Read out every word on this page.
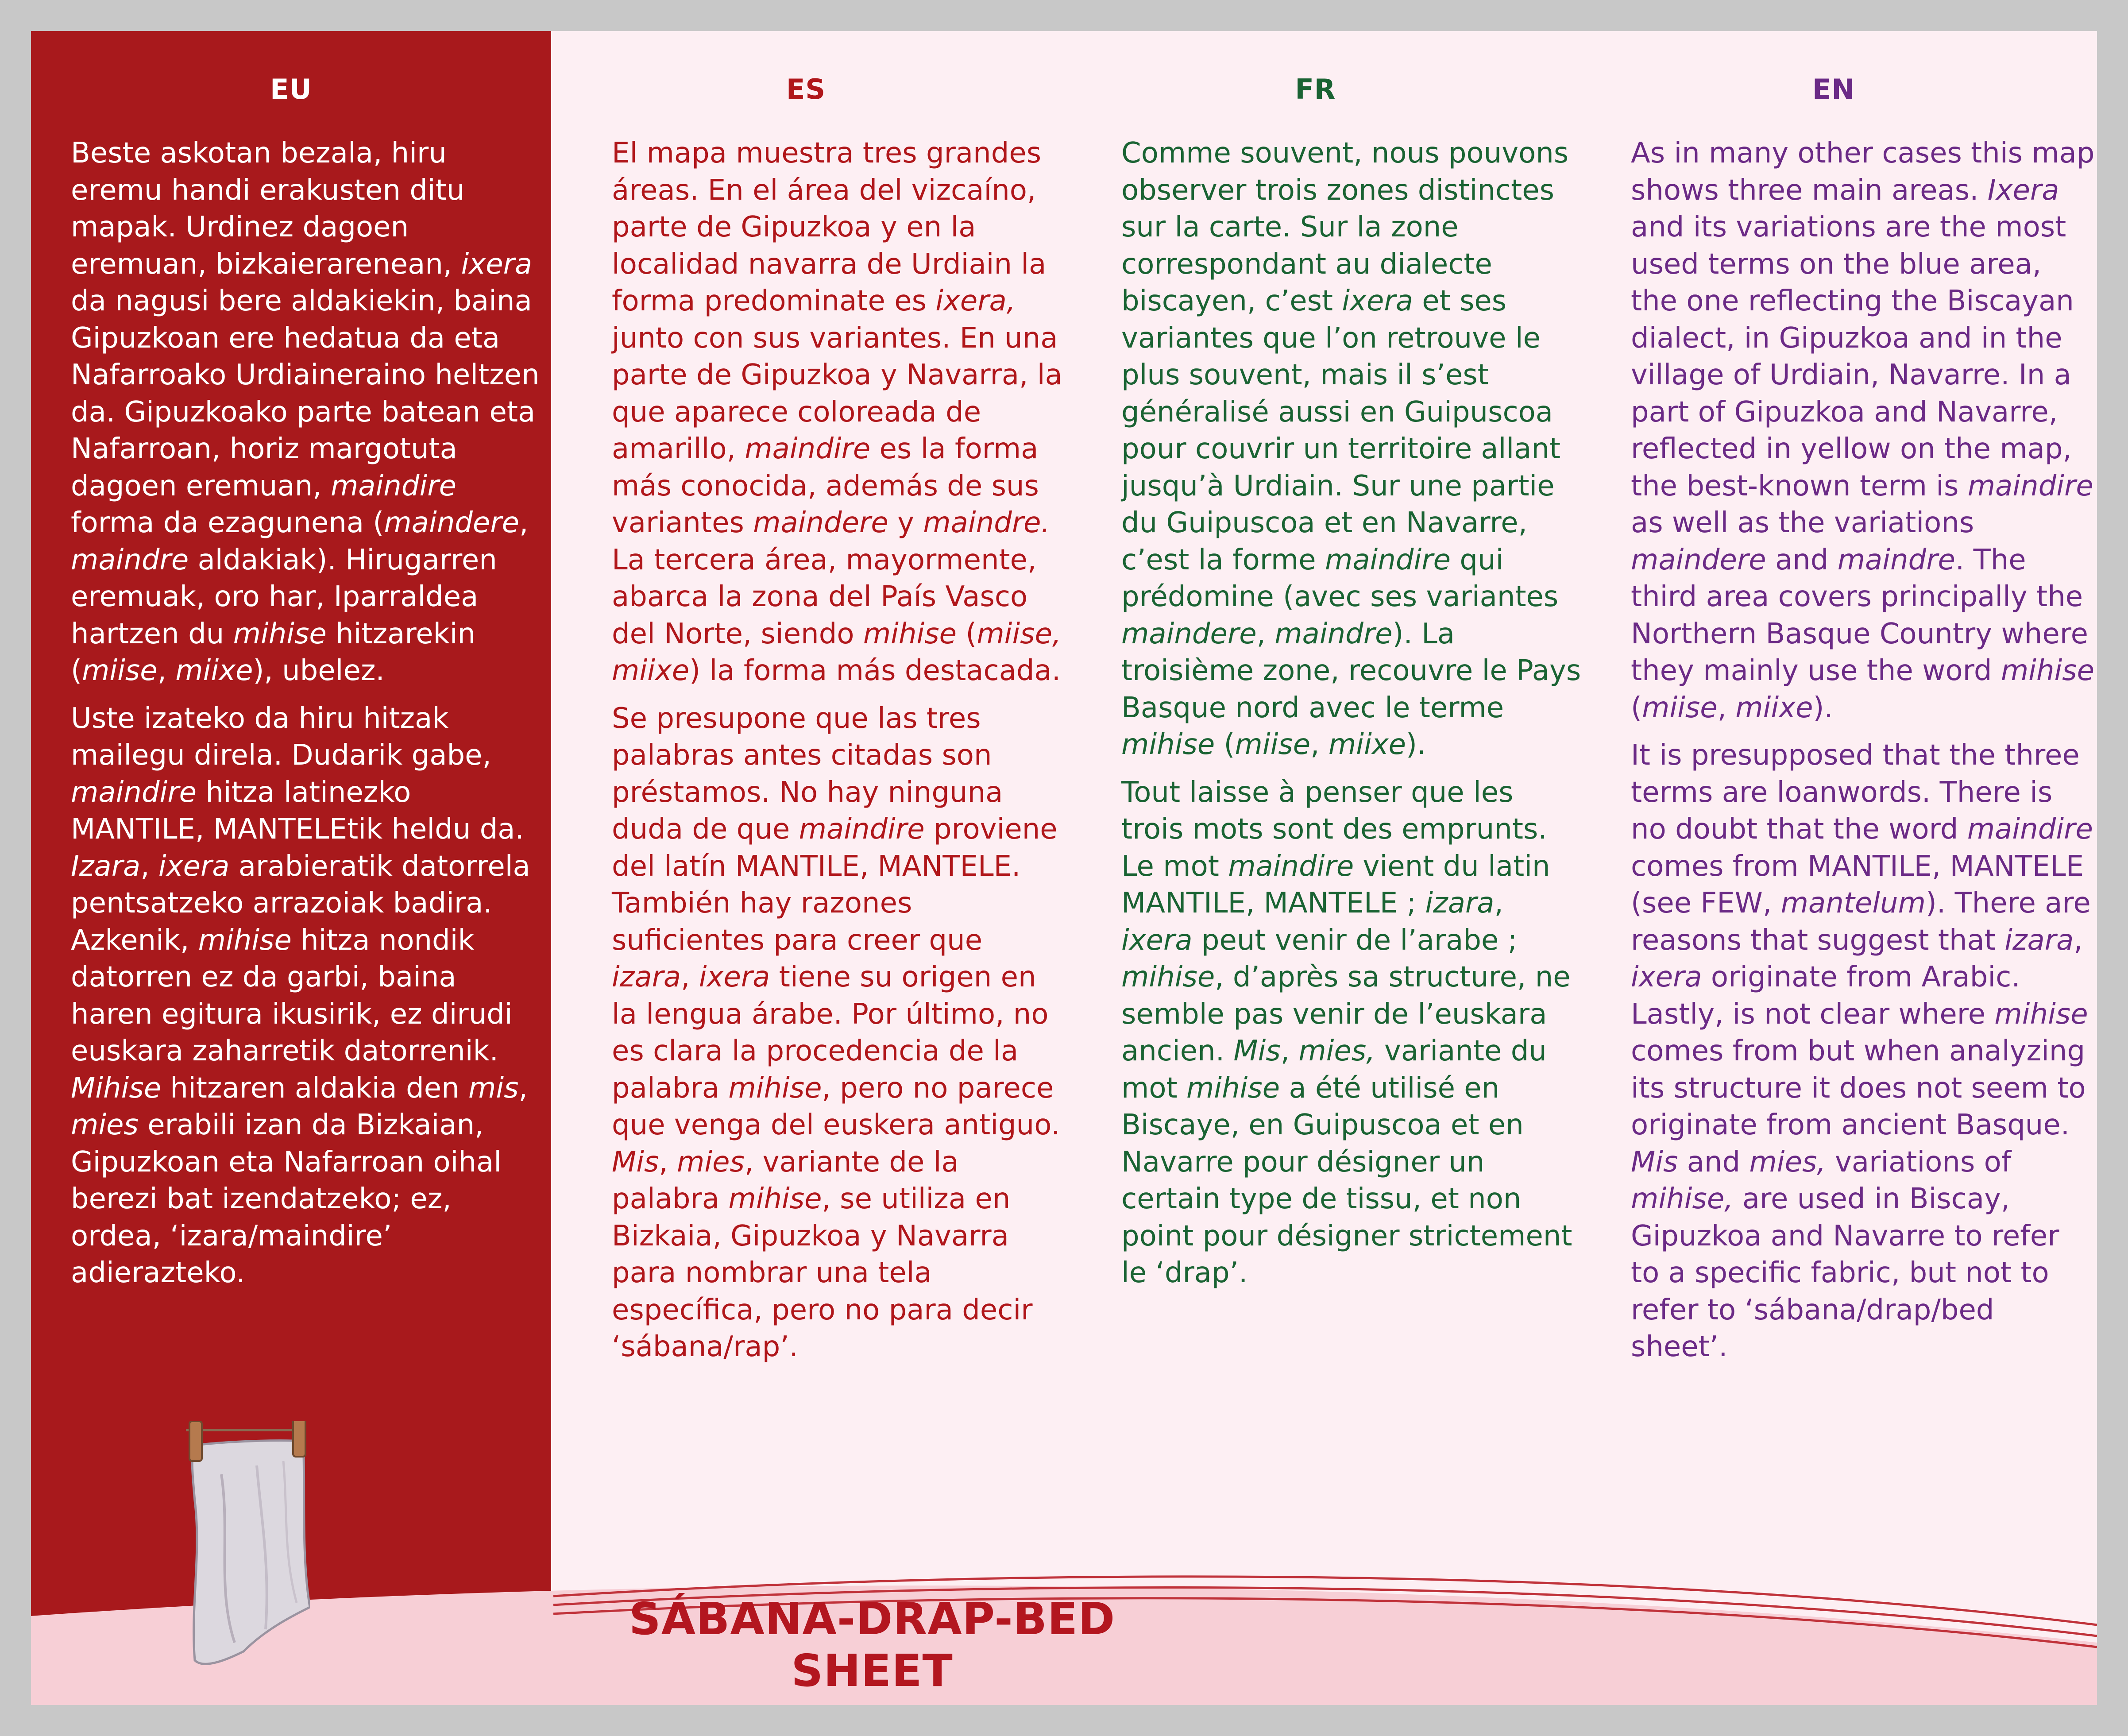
EU

Beste askotan bezala, hiru eremu handi erakusten ditu mapak. Urdinez dagoen eremuan, bizkaierarenean, ixera da nagusi bere aldakiekin, baina Gipuzkoan ere hedatua da eta Nafarroako Urdiaineraino heltzen da. Gipuzkoako parte batean eta Nafarroan, horiz margotuta dagoen eremuan, maindire forma da ezagunena (maindere, maindre aldakiak). Hirugarren eremuak, oro har, Iparraldea hartzen du mihise hitzarekin (miise, miixe), ubelez.

Uste izateko da hiru hitzak mailegu direla. Dudarik gabe, maindire hitza latinezko MANTILE, MANTELEtik heldu da. Izara, ixera arabieratik datorrela pentsatzeko arrazoiak badira. Azkenik, mihise hitza nondik datorren ez da garbi, baina haren egitura ikusirik, ez dirudi euskara zaharretik datorrenik. Mihise hitzaren aldakia den mis, mies erabili izan da Bizkaian, Gipuzkoan eta Nafarroan oihal berezi bat izendatzeko; ez, ordea, ‘izara/maindire’ adierazteko.

ES

El mapa muestra tres grandes áreas. En el área del vizcaíno, parte de Gipuzkoa y en la localidad navarra de Urdiain la forma predominate es ixera, junto con sus variantes. En una parte de Gipuzkoa y Navarra, la que aparece coloreada de amarillo, maindire es la forma más conocida, además de sus variantes maindere y maindre. La tercera área, mayormente, abarca la zona del País Vasco del Norte, siendo mihise (miise, miixe) la forma más destacada.

Se presupone que las tres palabras antes citadas son préstamos. No hay ninguna duda de que maindire proviene del latín MANTILE, MANTELE. También hay razones suficientes para creer que izara, ixera tiene su origen en la lengua árabe. Por último, no es clara la procedencia de la palabra mihise, pero no parece que venga del euskera antiguo. Mis, mies, variante de la palabra mihise, se utiliza en Bizkaia, Gipuzkoa y Navarra para nombrar una tela específica, pero no para decir ‘sábana/rap’.

FR

Comme souvent, nous pouvons observer trois zones distinctes sur la carte. Sur la zone correspondant au dialecte biscayen, c’est ixera et ses variantes que l’on retrouve le plus souvent, mais il s’est généralisé aussi en Guipuscoa pour couvrir un territoire allant jusqu’à Urdiain. Sur une partie du Guipuscoa et en Navarre, c’est la forme maindire qui prédomine (avec ses variantes maindere, maindre). La troisième zone, recouvre le Pays Basque nord avec le terme mihise (miise, miixe).

Tout laisse à penser que les trois mots sont des emprunts. Le mot maindire vient du latin MANTILE, MANTELE ; izara, ixera peut venir de l’arabe ; mihise, d’après sa structure, ne semble pas venir de l’euskara ancien. Mis, mies, variante du mot mihise a été utilisé en Biscaye, en Guipuscoa et en Navarre pour désigner un certain type de tissu, et non point pour désigner strictement le ‘drap’.

EN

As in many other cases this map shows three main areas. Ixera and its variations are the most used terms on the blue area, the one reflecting the Biscayan dialect, in Gipuzkoa and in the village of Urdiain, Navarre. In a part of Gipuzkoa and Navarre, reflected in yellow on the map, the best-known term is maindire as well as the variations maindere and maindre. The third area covers principally the Northern Basque Country where they mainly use the word mihise (miise, miixe).

It is presupposed that the three terms are loanwords. There is no doubt that the word maindire comes from MANTILE, MANTELE (see FEW, mantelum). There are reasons that suggest that izara, ixera originate from Arabic. Lastly, is not clear where mihise comes from but when analyzing its structure it does not seem to originate from ancient Basque. Mis and mies, variations of mihise, are used in Biscay, Gipuzkoa and Navarre to refer to a specific fabric, but not to refer to ‘sábana/drap/bed sheet’.

SÁBANA-DRAP-BED SHEET
